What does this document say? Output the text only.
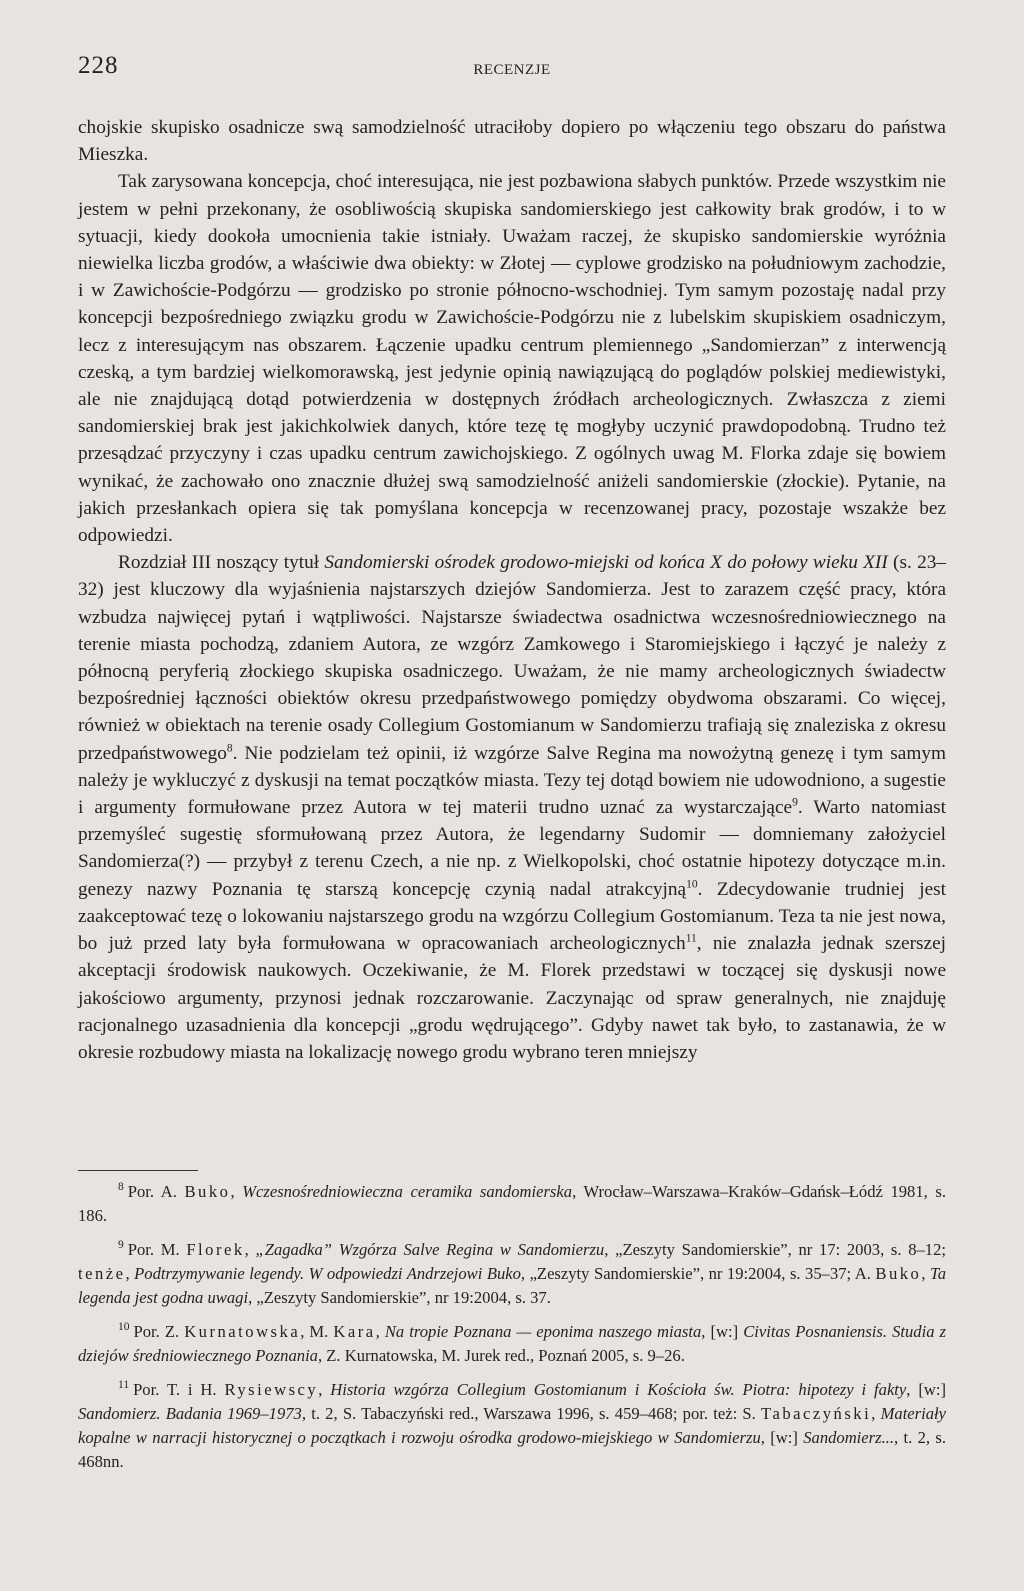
228	RECENZJE

chojskie skupisko osadnicze swą samodzielność utraciłoby dopiero po włączeniu tego obszaru do państwa Mieszka.

Tak zarysowana koncepcja, choć interesująca, nie jest pozbawiona słabych punktów. Przede wszystkim nie jestem w pełni przekonany, że osobliwością skupiska sandomierskiego jest całkowity brak grodów, i to w sytuacji, kiedy dookoła umocnienia takie istniały. Uważam raczej, że skupisko sandomierskie wyróżnia niewielka liczba grodów, a właściwie dwa obiekty: w Złotej — cyplowe grodzisko na południowym zachodzie, i w Zawichoście-Podgórzu — grodzisko po stronie północno-wschodniej. Tym samym pozostaję nadal przy koncepcji bezpośredniego związku grodu w Zawichoście-Podgórzu nie z lubelskim skupiskiem osadniczym, lecz z interesującym nas obszarem. Łączenie upadku centrum plemiennego „Sandomierzan” z interwencją czeską, a tym bardziej wielkomorawską, jest jedynie opinią nawiązującą do poglądów polskiej mediewistyki, ale nie znajdującą dotąd potwierdzenia w dostępnych źródłach archeologicznych. Zwłaszcza z ziemi sandomierskiej brak jest jakichkolwiek danych, które tezę tę mogłyby uczynić prawdopodobną. Trudno też przesądzać przyczyny i czas upadku centrum zawichojskiego. Z ogólnych uwag M. Florka zdaje się bowiem wynikać, że zachowało ono znacznie dłużej swą samodzielność aniżeli sandomierskie (złockie). Pytanie, na jakich przesłankach opiera się tak pomyślana koncepcja w recenzowanej pracy, pozostaje wszakże bez odpowiedzi.

Rozdział III noszący tytuł Sandomierski ośrodek grodowo-miejski od końca X do połowy wieku XII (s. 23–32) jest kluczowy dla wyjaśnienia najstarszych dziejów Sandomierza. Jest to zarazem część pracy, która wzbudza najwięcej pytań i wątpliwości. Najstarsze świadectwa osadnictwa wczesnośredniowiecznego na terenie miasta pochodzą, zdaniem Autora, ze wzgórz Zamkowego i Staromiejskiego i łączyć je należy z północną peryferią złockiego skupiska osadniczego. Uważam, że nie mamy archeologicznych świadectw bezpośredniej łączności obiektów okresu przedpaństwowego pomiędzy obydwoma obszarami. Co więcej, również w obiektach na terenie osady Collegium Gostomianum w Sandomierzu trafiają się znaleziska z okresu przedpaństwowego$^8$. Nie podzielam też opinii, iż wzgórze Salve Regina ma nowożytną genezę i tym samym należy je wykluczyć z dyskusji na temat początków miasta. Tezy tej dotąd bowiem nie udowodniono, a sugestie i argumenty formułowane przez Autora w tej materii trudno uznać za wystarczające$^9$. Warto natomiast przemyśleć sugestię sformułowaną przez Autora, że legendarny Sudomir — domniemany założyciel Sandomierza(?) — przybył z terenu Czech, a nie np. z Wielkopolski, choć ostatnie hipotezy dotyczące m.in. genezy nazwy Poznania tę starszą koncepcję czynią nadal atrakcyjną$^{10}$. Zdecydowanie trudniej jest zaakceptować tezę o lokowaniu najstarszego grodu na wzgórzu Collegium Gostomianum. Teza ta nie jest nowa, bo już przed laty była formułowana w opracowaniach archeologicznych$^{11}$, nie znalazła jednak szerszej akceptacji środowisk naukowych. Oczekiwanie, że M. Florek przedstawi w toczącej się dyskusji nowe jakościowo argumenty, przynosi jednak rozczarowanie. Zaczynając od spraw generalnych, nie znajduję racjonalnego uzasadnienia dla koncepcji „grodu wędrującego”. Gdyby nawet tak było, to zastanawia, że w okresie rozbudowy miasta na lokalizację nowego grodu wybrano teren mniejszy

$^8$ Por. A. Buko, Wczesnośredniowieczna ceramika sandomierska, Wrocław–Warszawa–Kraków–Gdańsk–Łódź 1981, s. 186.

$^9$ Por. M. Florek, „Zagadka” Wzgórza Salve Regina w Sandomierzu, „Zeszyty Sandomierskie”, nr 17: 2003, s. 8–12; tenże, Podtrzymywanie legendy. W odpowiedzi Andrzejowi Buko, „Zeszyty Sandomierskie”, nr 19:2004, s. 35–37; A. Buko, Ta legenda jest godna uwagi, „Zeszyty Sandomierskie”, nr 19:2004, s. 37.

$^{10}$ Por. Z. Kurnatowska, M. Kara, Na tropie Poznana — eponima naszego miasta, [w:] Civitas Posnaniensis. Studia z dziejów średniowiecznego Poznania, Z. Kurnatowska, M. Jurek red., Poznań 2005, s. 9–26.

$^{11}$ Por. T. i H. Rysiewscy, Historia wzgórza Collegium Gostomianum i Kościoła św. Piotra: hipotezy i fakty, [w:] Sandomierz. Badania 1969–1973, t. 2, S. Tabaczyński red., Warszawa 1996, s. 459–468; por. też: S. Tabaczyński, Materiały kopalne w narracji historycznej o początkach i rozwoju ośrodka grodowo-miejskiego w Sandomierzu, [w:] Sandomierz..., t. 2, s. 468nn.
